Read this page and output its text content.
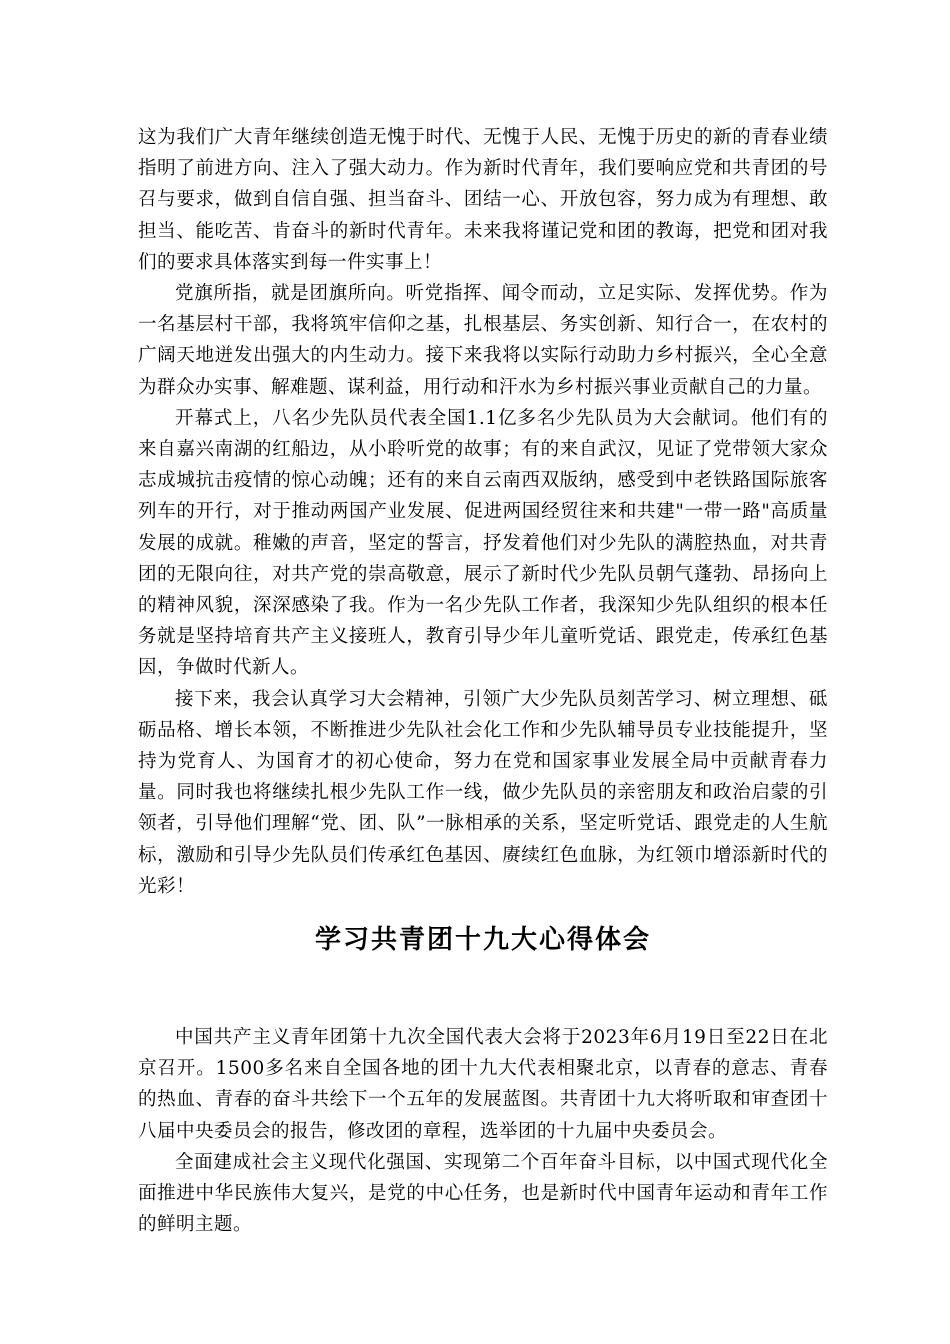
这为我们广大青年继续创造无愧于时代、无愧于人民、无愧于历史的新的青春业绩指明了前进方向、注入了强大动力。作为新时代青年，我们要响应党和共青团的号召与要求，做到自信自强、担当奋斗、团结一心、开放包容，努力成为有理想、敢担当、能吃苦、肯奋斗的新时代青年。未来我将谨记党和团的教诲，把党和团对我们的要求具体落实到每一件实事上！

党旗所指，就是团旗所向。听党指挥、闻令而动，立足实际、发挥优势。作为一名基层村干部，我将筑牢信仰之基，扎根基层、务实创新、知行合一，在农村的广阔天地迸发出强大的内生动力。接下来我将以实际行动助力乡村振兴，全心全意为群众办实事、解难题、谋利益，用行动和汗水为乡村振兴事业贡献自己的力量。

开幕式上，八名少先队员代表全国1.1亿多名少先队员为大会献词。他们有的来自嘉兴南湖的红船边，从小聆听党的故事；有的来自武汉，见证了党带领大家众志成城抗击疫情的惊心动魄；还有的来自云南西双版纳，感受到中老铁路国际旅客列车的开行，对于推动两国产业发展、促进两国经贸往来和共建"一带一路"高质量发展的成就。稚嫩的声音，坚定的誓言，抒发着他们对少先队的满腔热血，对共青团的无限向往，对共产党的崇高敬意，展示了新时代少先队员朝气蓬勃、昂扬向上的精神风貌，深深感染了我。作为一名少先队工作者，我深知少先队组织的根本任务就是坚持培育共产主义接班人，教育引导少年儿童听党话、跟党走，传承红色基因，争做时代新人。

接下来，我会认真学习大会精神，引领广大少先队员刻苦学习、树立理想、砥砺品格、增长本领，不断推进少先队社会化工作和少先队辅导员专业技能提升，坚持为党育人、为国育才的初心使命，努力在党和国家事业发展全局中贡献青春力量。同时我也将继续扎根少先队工作一线，做少先队员的亲密朋友和政治启蒙的引领者，引导他们理解“党、团、队”一脉相承的关系，坚定听党话、跟党走的人生航标，激励和引导少先队员们传承红色基因、赓续红色血脉，为红领巾增添新时代的光彩！

学习共青团十九大心得体会

中国共产主义青年团第十九次全国代表大会将于2023年6月19日至22日在北京召开。1500多名来自全国各地的团十九大代表相聚北京，以青春的意志、青春的热血、青春的奋斗共绘下一个五年的发展蓝图。共青团十九大将听取和审查团十八届中央委员会的报告，修改团的章程，选举团的十九届中央委员会。

全面建成社会主义现代化强国、实现第二个百年奋斗目标，以中国式现代化全面推进中华民族伟大复兴，是党的中心任务，也是新时代中国青年运动和青年工作的鲜明主题。
